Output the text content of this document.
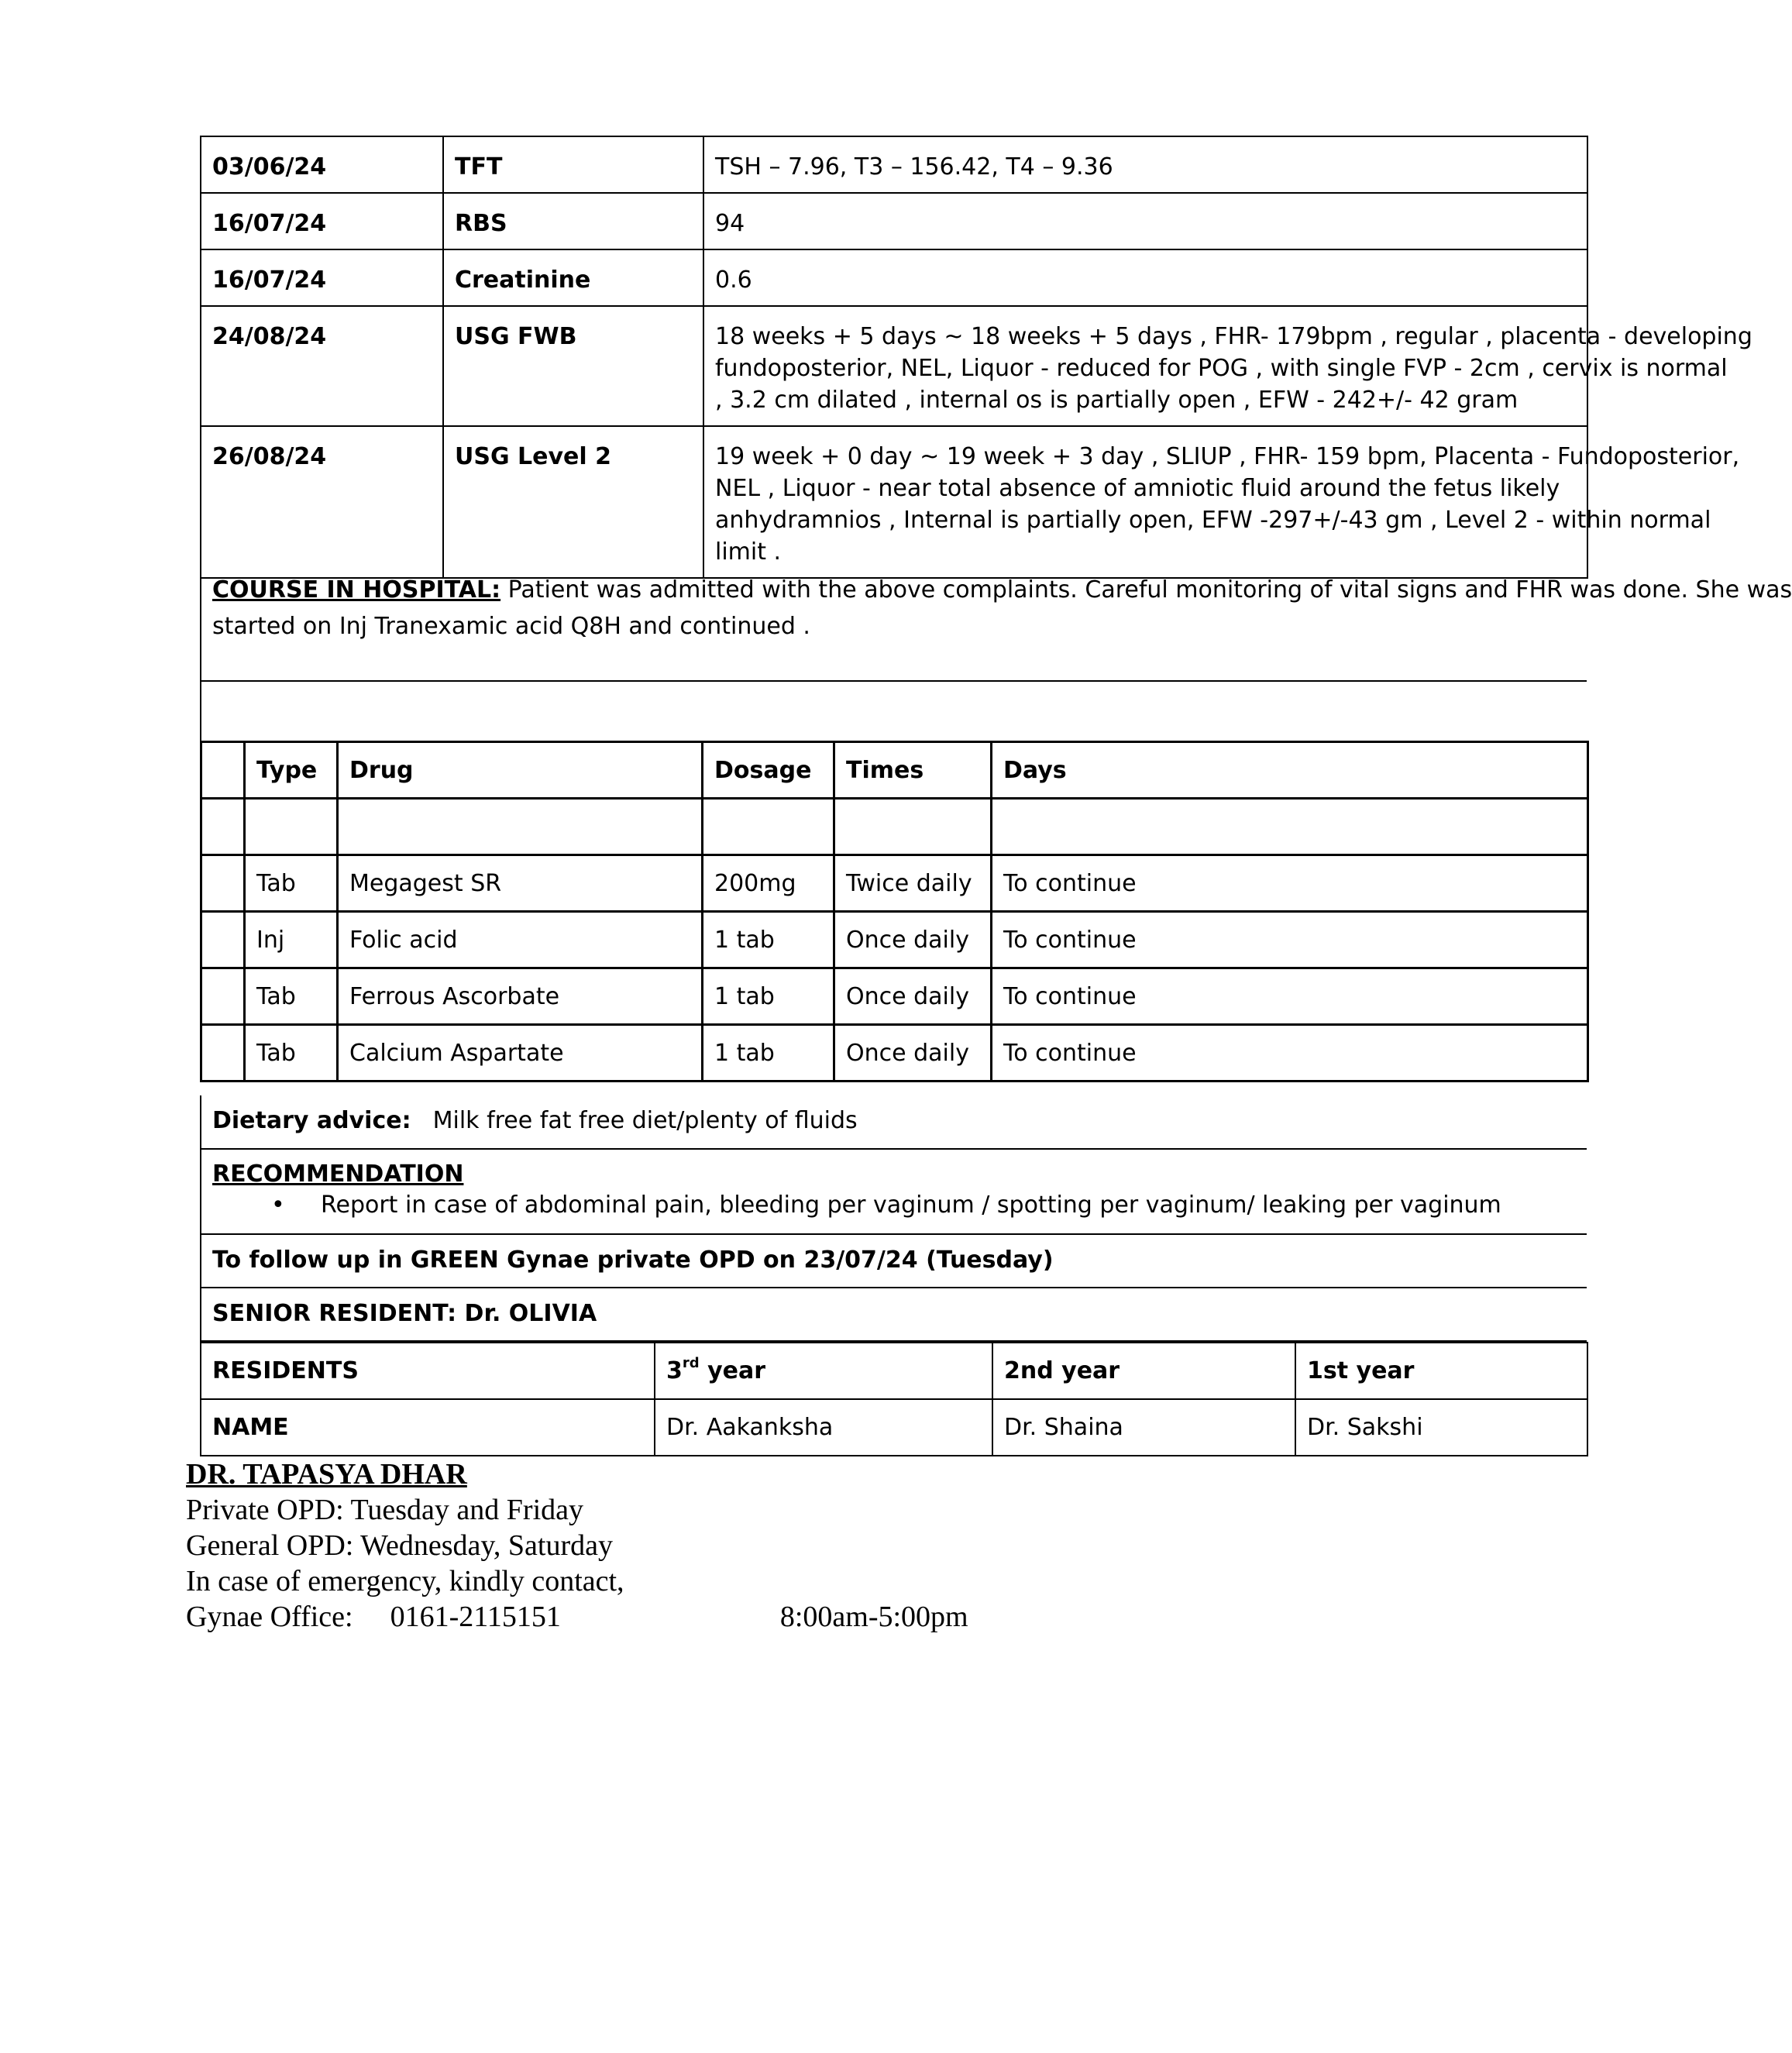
03/06/24	TFT	TSH – 7.96, T3 – 156.42, T4 – 9.36

16/07/24	RBS	94

16/07/24	Creatinine	0.6

24/08/24	USG FWB	18 weeks + 5 days ~ 18 weeks + 5 days , FHR- 179bpm , regular , placenta - developing
fundoposterior, NEL, Liquor - reduced for POG , with single FVP - 2cm , cervix is normal
, 3.2 cm dilated , internal os is partially open , EFW - 242+/- 42 gram

26/08/24	USG Level 2	19 week + 0 day ~ 19 week + 3 day , SLIUP , FHR- 159 bpm, Placenta - Fundoposterior,
NEL , Liquor - near total absence of amniotic fluid around the fetus likely
anhydramnios , Internal is partially open, EFW -297+/-43 gm , Level 2 - within normal
limit .
COURSE IN HOSPITAL: Patient was admitted with the above complaints. Careful monitoring of vital signs and FHR was done. She was
started on Inj Tranexamic acid Q8H and continued .
	Type	Drug	Dosage	Times	Days

	Tab	Megagest SR	200mg	Twice daily	To continue
	Inj	Folic acid	1 tab	Once daily	To continue
	Tab	Ferrous Ascorbate	1 tab	Once daily	To continue
	Tab	Calcium Aspartate	1 tab	Once daily	To continue
Dietary advice: Milk free fat free diet/plenty of fluids
RECOMMENDATION
•	Report in case of abdominal pain, bleeding per vaginum / spotting per vaginum/ leaking per vaginum
To follow up in GREEN Gynae private OPD on 23/07/24 (Tuesday)
SENIOR RESIDENT: Dr. OLIVIA
RESIDENTS	3rd year	2nd year	1st year
NAME	Dr. Aakanksha	Dr. Shaina	Dr. Sakshi
DR. TAPASYA DHAR
Private OPD: Tuesday and Friday
General OPD: Wednesday, Saturday
In case of emergency, kindly contact,
Gynae Office: 0161-2115151	8:00am-5:00pm
